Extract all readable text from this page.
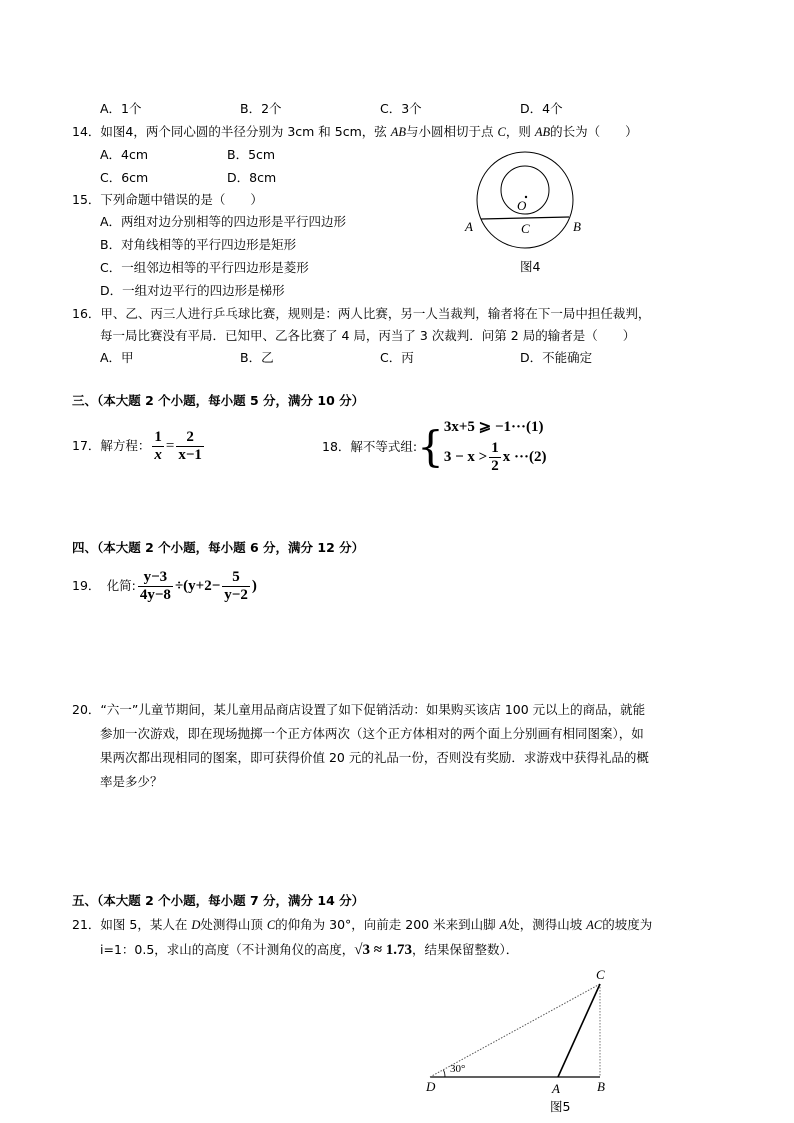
A．1个	B．2个	C．3个	D．4个
14．如图4，两个同心圆的半径分别为 3cm 和 5cm，弦 AB与小圆相切于点 C，则 AB的长为（　　）
A．4cm	B．5cm
C．6cm	D．8cm
O
A	C	B
图4
15．下列命题中错误的是（　　）
A．两组对边分别相等的四边形是平行四边形
B．对角线相等的平行四边形是矩形
C．一组邻边相等的平行四边形是菱形
D．一组对边平行的四边形是梯形
16．甲、乙、丙三人进行乒乓球比赛，规则是：两人比赛，另一人当裁判，输者将在下一局中担任裁判，
每一局比赛没有平局．已知甲、乙各比赛了 4 局，丙当了 3 次裁判．问第 2 局的输者是（　　）
A．甲	B．乙	C．丙	D．不能确定
三、（本大题 2 个小题，每小题 5 分，满分 10 分）
17．解方程： $\frac{1}{x} = \frac{2}{x-1}$	18．解不等式组: { 3x+5 ⩾ −1···(1)
$3 - x > \frac{1}{2}$ x ···(2)
四、（本大题 2 个小题，每小题 6 分，满分 12 分）
19．　化简: $\frac{y-3}{4y-8} \div(y+2- \frac{5}{y-2}$ )
20．“六一”儿童节期间，某儿童用品商店设置了如下促销活动：如果购买该店 100 元以上的商品，就能
参加一次游戏，即在现场抛掷一个正方体两次（这个正方体相对的两个面上分别画有相同图案），如
果两次都出现相同的图案，即可获得价值 20 元的礼品一份，否则没有奖励．求游戏中获得礼品的概
率是多少？
五、（本大题 2 个小题，每小题 7 分，满分 14 分）
21．如图 5，某人在 D处测得山顶 C的仰角为 30°，向前走 200 米来到山脚 A处，测得山坡 AC的坡度为
i=1：0.5，求山的高度（不计测角仪的高度，√3 ≈ 1.73，结果保留整数）．
30°
C
D	A	B
图5
